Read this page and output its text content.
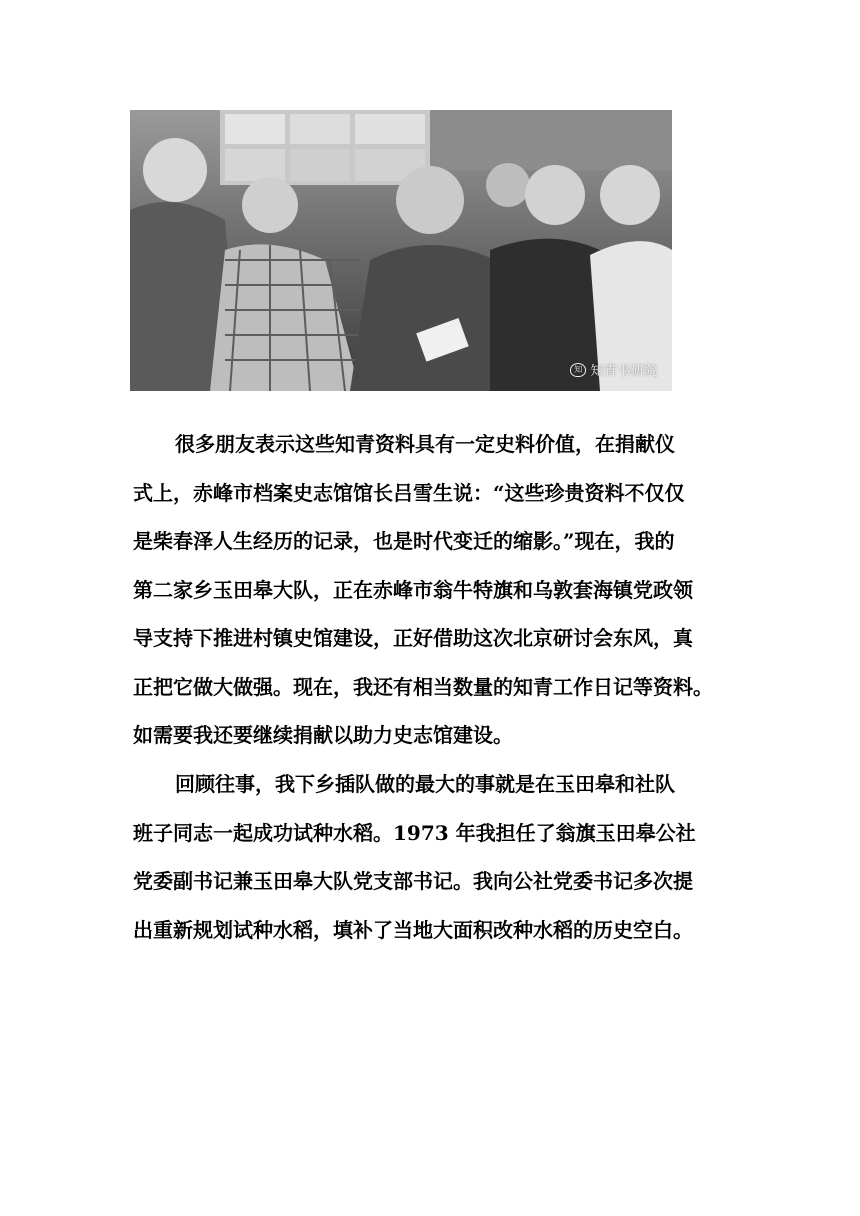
知 知青书研院

很多朋友表示这些知青资料具有一定史料价值，在捐献仪
式上，赤峰市档案史志馆馆长吕雪生说：“这些珍贵资料不仅仅
是柴春泽人生经历的记录，也是时代变迁的缩影。”现在，我的
第二家乡玉田皋大队，正在赤峰市翁牛特旗和乌敦套海镇党政领
导支持下推进村镇史馆建设，正好借助这次北京研讨会东风，真
正把它做大做强。现在，我还有相当数量的知青工作日记等资料。
如需要我还要继续捐献以助力史志馆建设。

回顾往事，我下乡插队做的最大的事就是在玉田皋和社队
班子同志一起成功试种水稻。1973 年我担任了翁旗玉田皋公社
党委副书记兼玉田皋大队党支部书记。我向公社党委书记多次提
出重新规划试种水稻，填补了当地大面积改种水稻的历史空白。
